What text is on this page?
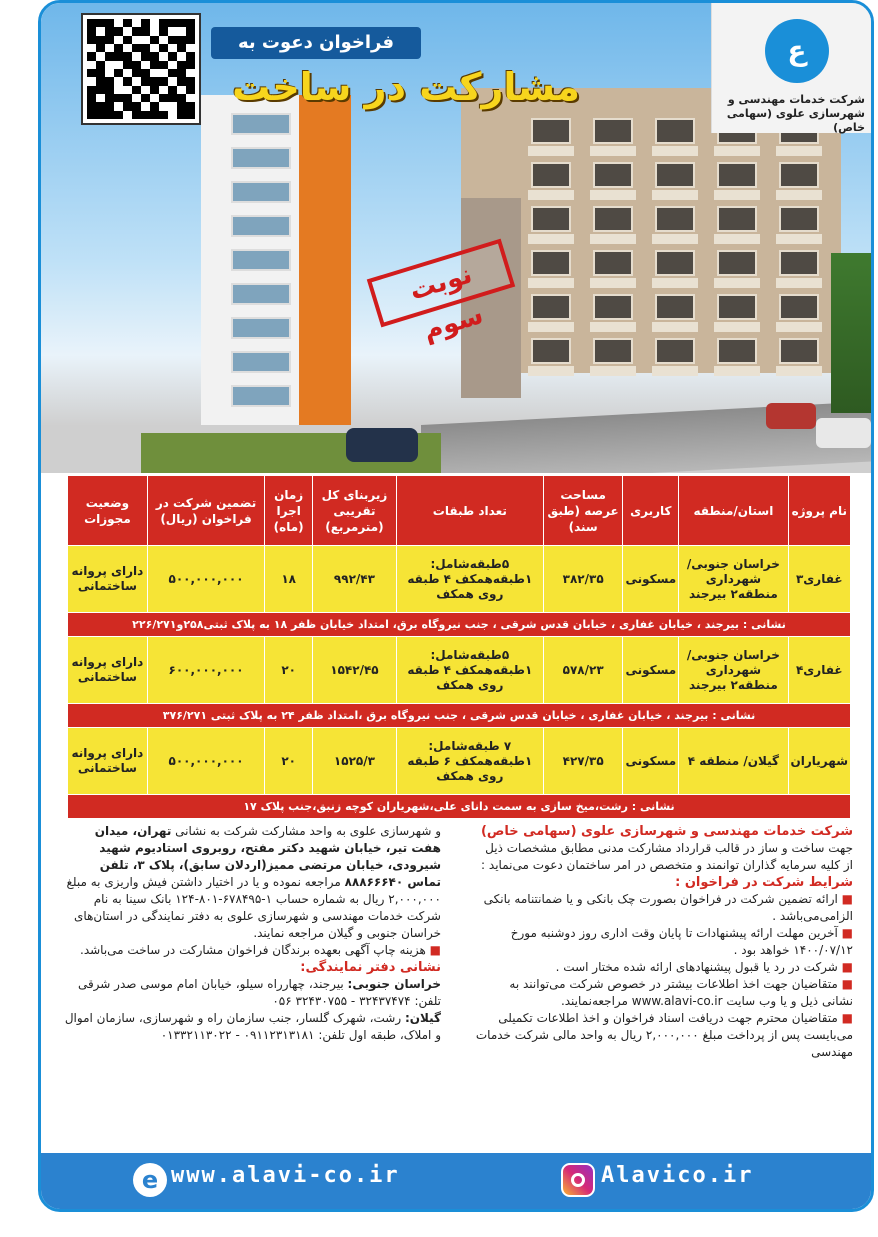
فراخوان دعوت به
مشارکت در ساخت
ع
شرکت خدمات مهندسی و شهرسازی علوی (سهامی خاص)
نوبت سوم
نام پروژه	استان/منطقه	کاربری	مساحت عرصه (طبق سند)	تعداد طبقات	زیربنای کل تقریبی (مترمربع)	زمان اجرا (ماه)	تضمین شرکت در فراخوان (ریال)	وضعیت مجوزات
غفاری۳	خراسان جنوبی/ شهرداری منطقه۲ بیرجند	مسکونی	۳۸۲/۳۵	۵طبقه‌شامل: ۱طبقه‌همکف ۴ طبقه روی همکف	۹۹۲/۴۳	۱۸	۵۰۰,۰۰۰,۰۰۰	دارای پروانه ساختمانی
نشانی : بیرجند ، خیابان غفاری ، خیابان قدس شرقی ، جنب نیروگاه برق، امتداد خیابان ظفر ۱۸ به پلاک ثبتی۲۵۸و۲۲۶/۲۷۱								
غفاری۴	خراسان جنوبی/ شهرداری منطقه۲ بیرجند	مسکونی	۵۷۸/۲۳	۵طبقه‌شامل: ۱طبقه‌همکف ۴ طبقه روی همکف	۱۵۴۲/۴۵	۲۰	۶۰۰,۰۰۰,۰۰۰	دارای پروانه ساختمانی
نشانی : بیرجند ، خیابان غفاری ، خیابان قدس شرقی ، جنب نیروگاه برق ،امتداد ظفر ۲۴ به پلاک ثبتی ۳۷۶/۲۷۱								
شهریاران	گیلان/ منطقه ۴	مسکونی	۴۲۷/۳۵	۷ طبقه‌شامل: ۱طبقه‌همکف ۶ طبقه روی همکف	۱۵۲۵/۳	۲۰	۵۰۰,۰۰۰,۰۰۰	دارای پروانه ساختمانی
نشانی : رشت،میخ سازی به سمت دانای علی،شهریاران کوچه زنبق،جنب پلاک ۱۷								
شرکت خدمات مهندسی و شهرسازی علوی (سهامی خاص)
جهت ساخت و ساز در قالب قرارداد مشارکت مدنی مطابق مشخصات ذیل از کلیه سرمایه گذاران توانمند و متخصص در امر ساختمان دعوت می‌نماید :
شرایط شرکت در فراخوان :
■ ارائه تضمین شرکت در فراخوان بصورت چک بانکی و یا ضمانتنامه بانکی الزامی‌می‌باشد .
■ آخرین مهلت ارائه پیشنهادات تا پایان وقت اداری روز دوشنبه مورخ ۱۴۰۰/۰۷/۱۲ خواهد بود .
■ شرکت در رد یا قبول پیشنهادهای ارائه شده مختار است .
■ متقاضیان جهت اخذ اطلاعات بیشتر در خصوص شرکت می‌توانند به نشانی ذیل و یا وب سایت www.alavi-co.ir مراجعه‌نمایند.
■ متقاضیان محترم جهت دریافت اسناد فراخوان و اخذ اطلاعات تکمیلی می‌بایست پس از پرداخت مبلغ ۲,۰۰۰,۰۰۰ ریال به واحد مالی شرکت خدمات مهندسی
و شهرسازی علوی به واحد مشارکت شرکت به نشانی تهران، میدان هفت تیر، خیابان شهید دکتر مفتح، روبروی استادیوم شهید شیرودی، خیابان مرتضی ممیز(اردلان سابق)، پلاک ۳، تلفن تماس ۸۸۸۶۶۶۴۰ مراجعه نموده و یا در اختیار داشتن فیش واریزی به مبلغ ۲,۰۰۰,۰۰۰ ریال به شماره حساب ۱-۶۷۸۴۹۵-۸۰۱-۱۲۴ بانک سینا به نام شرکت خدمات مهندسی و شهرسازی علوی به دفتر نمایندگی در استان‌های خراسان جنوبی و گیلان مراجعه نمایند.
■ هزینه چاپ آگهی بعهده برندگان فراخوان مشارکت در ساخت می‌باشد.
نشانی دفتر نمایندگی:
خراسان جنوبی: بیرجند، چهارراه سیلو، خیابان امام موسی صدر شرقی تلفن: ۳۲۴۳۷۴۷۴ - ۳۲۴۳۰۷۵۵ ۰۵۶
گیلان: رشت، شهرک گلسار، جنب سازمان راه و شهرسازی، سازمان اموال و املاک، طبقه اول تلفن: ۰۹۱۱۲۳۱۳۱۸۱ - ۰۱۳۳۲۱۱۳۰۲۲
e www.alavi-co.ir	Alavico.ir
